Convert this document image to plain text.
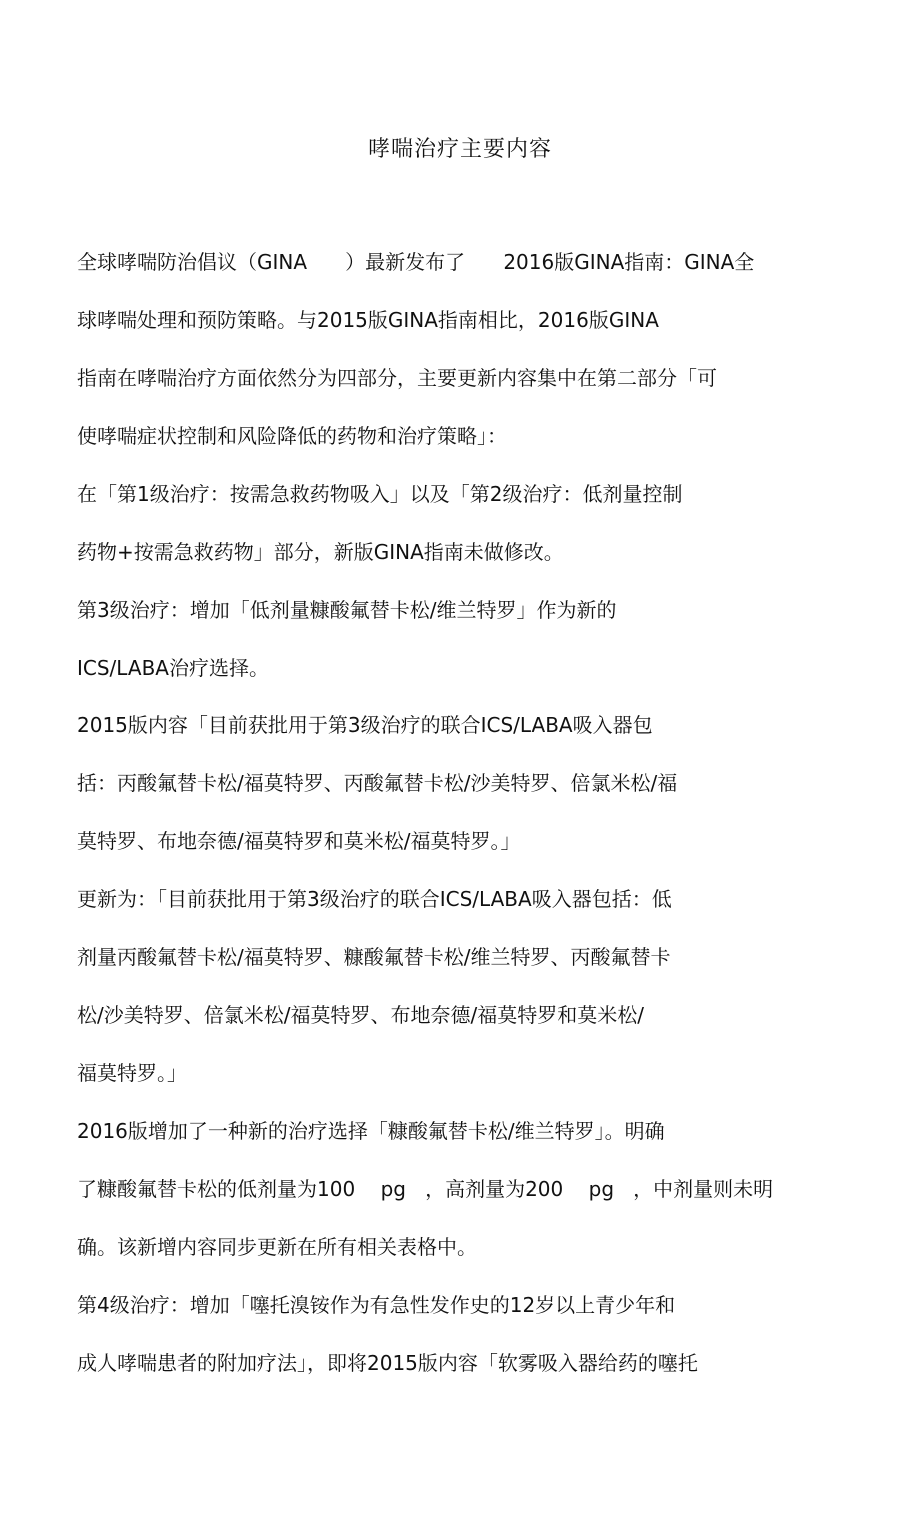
哮喘治疗主要内容
全球哮喘防治倡议（GINA      ）最新发布了      2016版GINA指南：GINA全
球哮喘处理和预防策略。与2015版GINA指南相比，2016版GINA
指南在哮喘治疗方面依然分为四部分，主要更新内容集中在第二部分「可
使哮喘症状控制和风险降低的药物和治疗策略」：
在「第1级治疗：按需急救药物吸入」以及「第2级治疗：低剂量控制
药物+按需急救药物」部分，新版GINA指南未做修改。
第3级治疗：增加「低剂量糠酸氟替卡松/维兰特罗」作为新的
ICS/LABA治疗选择。
2015版内容「目前获批用于第3级治疗的联合ICS/LABA吸入器包
括：丙酸氟替卡松/福莫特罗、丙酸氟替卡松/沙美特罗、倍氯米松/福
莫特罗、布地奈德/福莫特罗和莫米松/福莫特罗。」
更新为：「目前获批用于第3级治疗的联合ICS/LABA吸入器包括：低
剂量丙酸氟替卡松/福莫特罗、糠酸氟替卡松/维兰特罗、丙酸氟替卡
松/沙美特罗、倍氯米松/福莫特罗、布地奈德/福莫特罗和莫米松/
福莫特罗。」
2016版增加了一种新的治疗选择「糠酸氟替卡松/维兰特罗」。明确
了糠酸氟替卡松的低剂量为100    pg   ，高剂量为200    pg   ，中剂量则未明
确。该新增内容同步更新在所有相关表格中。
第4级治疗：增加「噻托溴铵作为有急性发作史的12岁以上青少年和
成人哮喘患者的附加疗法」，即将2015版内容「软雾吸入器给药的噻托
